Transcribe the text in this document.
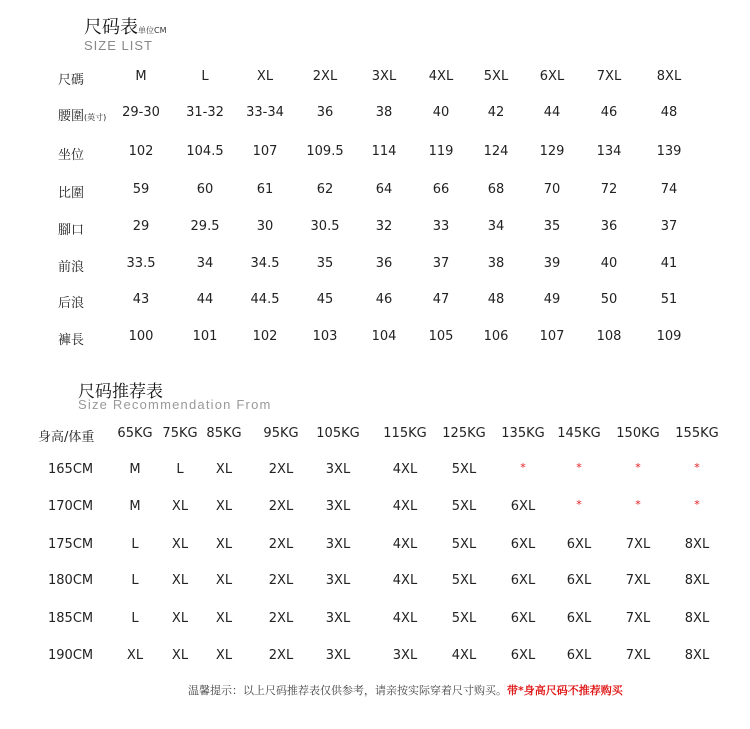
尺码表单位CM
SIZE LIST
尺碼	M	L	XL	2XL	3XL	4XL 5XL 6XL	7XL	8XL
腰圍(英寸) 29-30 31-32 33-34	36	38	40	42	44	46	48
坐位	102	104.5 107 109.5 114 119 124 129 134	139
比圍	59	60	61	62	64	66	68	70	72	74
腳口	29	29.5	30	30.5	32	33	34	35	36	37
前浪	33.5	34	34.5	35	36	37	38	39	40	41
后浪	43	44	44.5	45	46	47	48	49	50	51
褲長	100	101	102	103	104 105 106 107 108	109
尺码推荐表
Size Recommendation From
身高/体重 65KG 75KG 85KG 95KG 105KG 115KG 125KG 135KG 145KG 150KG 155KG
165CM	M	L XL	2XL	3XL	4XL	5XL	*	*	*	*
170CM	M XL XL	2XL	3XL	4XL	5XL	6XL	*	*	*
175CM	L	XL XL	2XL	3XL	4XL	5XL	6XL 6XL	7XL	8XL
180CM	L	XL XL	2XL	3XL	4XL	5XL	6XL 6XL	7XL	8XL
185CM	L	XL XL	2XL	3XL	4XL	5XL	6XL 6XL	7XL	8XL
190CM	XL XL XL	2XL	3XL	3XL	4XL	6XL 6XL	7XL	8XL
温馨提示：以上尺码推荐表仅供参考，请亲按实际穿着尺寸购买。带*身高尺码不推荐购买
